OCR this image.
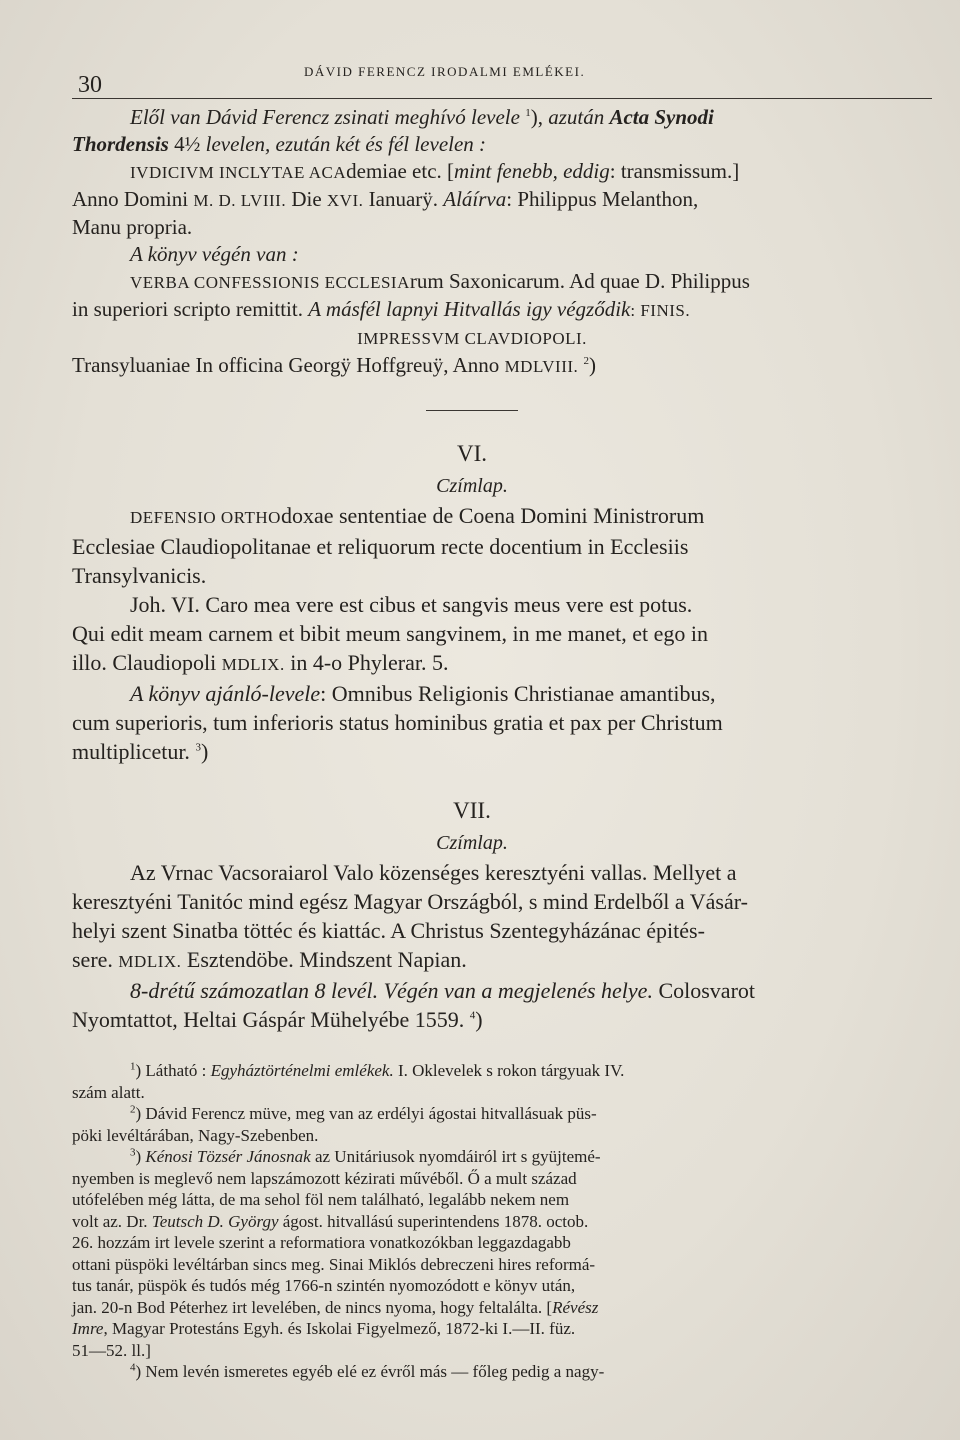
30
DÁVID FERENCZ IRODALMI EMLÉKEI.
Elől van Dávid Ferencz zsinati meghívó levele $^1$), azután Acta Synodi
Thordensis 4½ levelen, ezután két és fél levelen :
IVDICIVM INCLYTAE ACAdemiae etc. [mint fenebb, eddig: transmissum.]
Anno Domini M. D. LVIII. Die XVI. Ianuarÿ. Aláírva: Philippus Melanthon,
Manu propria.
A könyv végén van :
VERBA CONFESSIONIS ECCLESIArum Saxonicarum. Ad quae D. Philippus
in superiori scripto remittit. A másfél lapnyi Hitvallás igy végződik: FINIS.
IMPRESSVM CLAVDIOPOLI.
Transyluaniae In officina Georgÿ Hoffgreuÿ, Anno MDLVIII. $^2$)
VI.
Czímlap.
DEFENSIO ORTHOdoxae sententiae de Coena Domini Ministrorum
Ecclesiae Claudiopolitanae et reliquorum recte docentium in Ecclesiis
Transylvanicis.
Joh. VI. Caro mea vere est cibus et sangvis meus vere est potus.
Qui edit meam carnem et bibit meum sangvinem, in me manet, et ego in
illo. Claudiopoli MDLIX. in 4-o Phylerar. 5.
A könyv ajánló-levele: Omnibus Religionis Christianae amantibus,
cum superioris, tum inferioris status hominibus gratia et pax per Christum
multiplicetur. $^3$)
VII.
Czímlap.
Az Vrnac Vacsoraiarol Valo közenséges keresztyéni vallas. Mellyet a
keresztyéni Tanitóc mind egész Magyar Országból, s mind Erdelből a Vásár-
helyi szent Sinatba töttéc és kiattác. A Christus Szentegyházánac épités-
sere. MDLIX. Esztendöbe. Mindszent Napian.
8-drétű számozatlan 8 levél. Végén van a megjelenés helye. Colosvarot
Nyomtattot, Heltai Gáspár Mühelyébe 1559. $^4$)
$^1$) Látható : Egyháztörténelmi emlékek. I. Oklevelek s rokon tárgyuak IV.
szám alatt.
$^2$) Dávid Ferencz müve, meg van az erdélyi ágostai hitvallásuak püs-
pöki levéltárában, Nagy-Szebenben.
$^3$) Kénosi Tözsér Jánosnak az Unitáriusok nyomdáiról irt s gyüjtemé-
nyemben is meglevő nem lapszámozott kézirati művéből. Ő a mult század
utófelében még látta, de ma sehol föl nem található, legalább nekem nem
volt az. Dr. Teutsch D. György ágost. hitvallású superintendens 1878. octob.
26. hozzám irt levele szerint a reformatiora vonatkozókban leggazdagabb
ottani püspöki levéltárban sincs meg. Sinai Miklós debreczeni hires reformá-
tus tanár, püspök és tudós még 1766-n szintén nyomozódott e könyv után,
jan. 20-n Bod Péterhez irt levelében, de nincs nyoma, hogy feltalálta. [Révész
Imre, Magyar Protestáns Egyh. és Iskolai Figyelmező, 1872-ki I.—II. füz.
51—52. ll.]
$^4$) Nem levén ismeretes egyéb elé ez évről más — főleg pedig a nagy-
